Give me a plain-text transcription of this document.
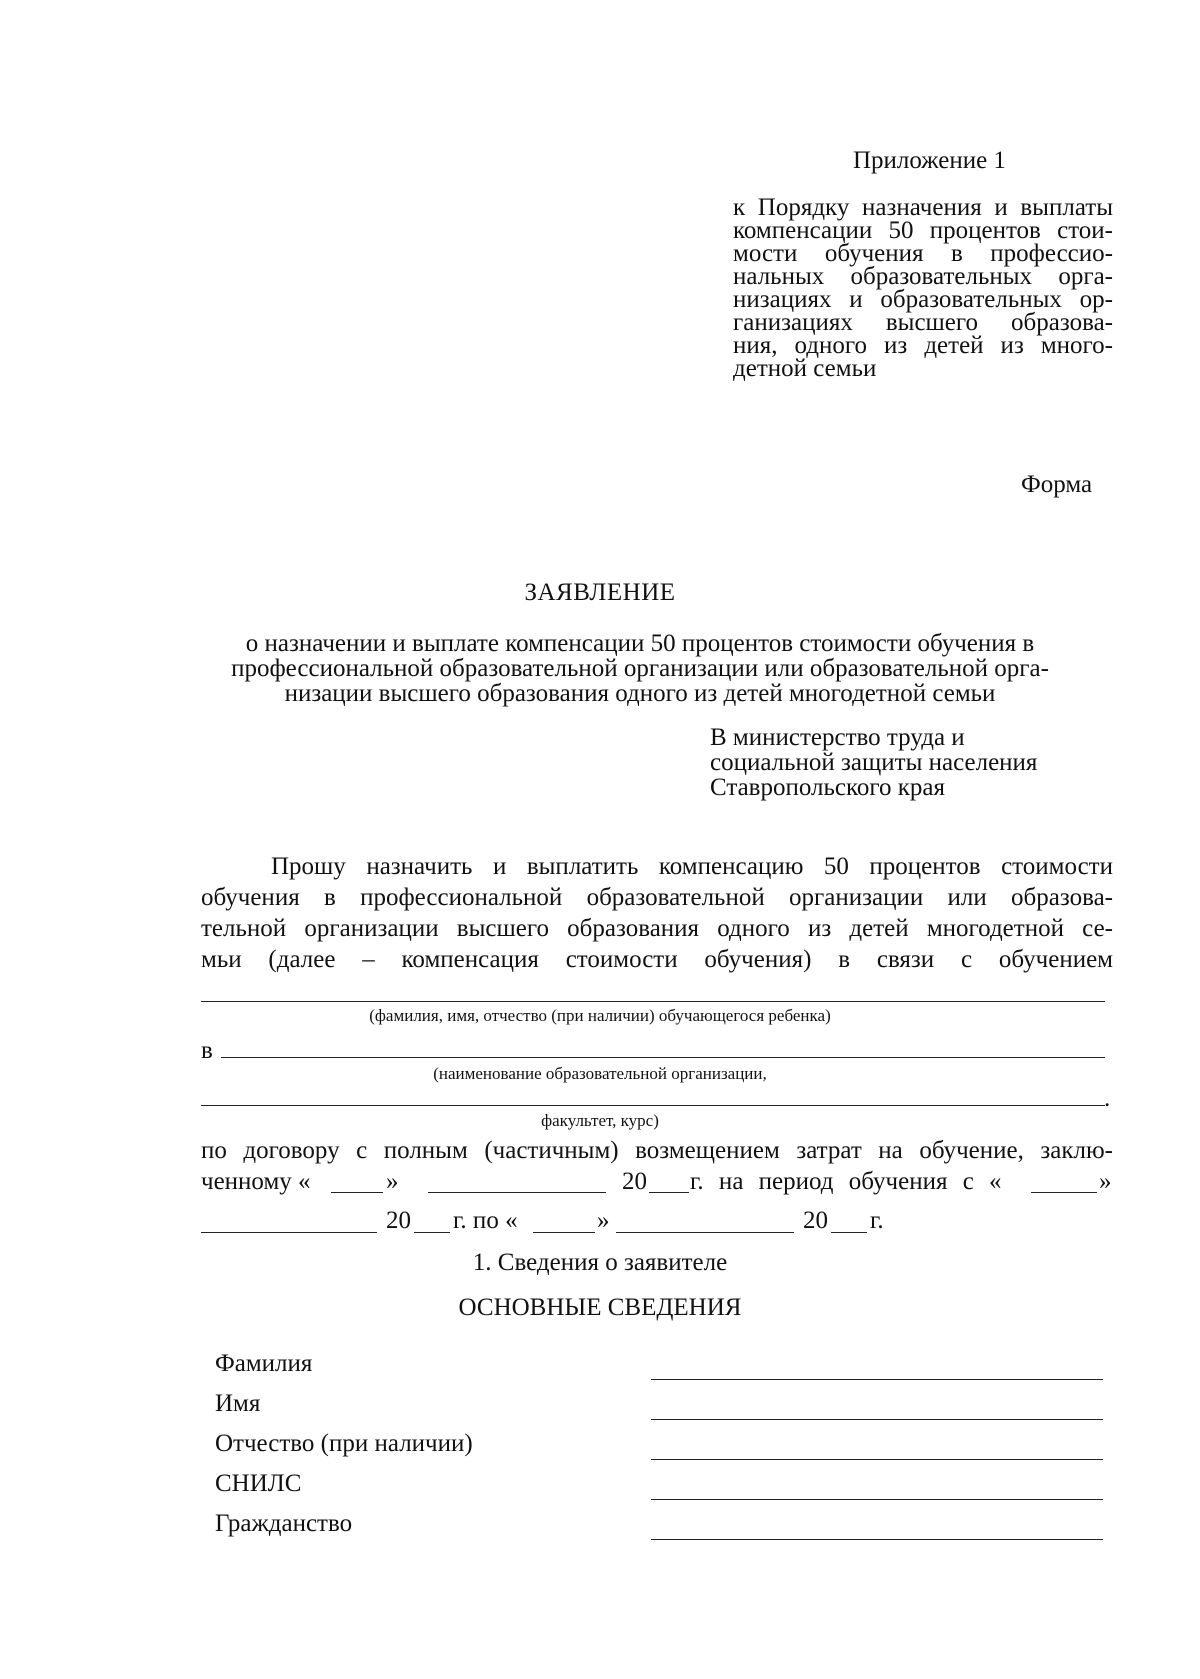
Приложение 1
к Порядку назначения и выплаты
компенсации 50 процентов стои-
мости обучения в профессио-
нальных образовательных орга-
низациях и образовательных ор-
ганизациях высшего образова-
ния, одного из детей из много-
детной семьи
Форма
ЗАЯВЛЕНИЕ
о назначении и выплате компенсации 50 процентов стоимости обучения в
профессиональной образовательной организации или образовательной орга-
низации высшего образования одного из детей многодетной семьи
В министерство труда и
социальной защиты населения
Ставропольского края
Прошу назначить и выплатить компенсацию 50 процентов стоимости
обучения в профессиональной образовательной организации или образова-
тельной организации высшего образования одного из детей многодетной се-
мьи (далее – компенсация стоимости обучения) в связи с обучением
(фамилия, имя, отчество (при наличии) обучающегося ребенка)
в
(наименование образовательной организации,
.
факультет, курс)
по договору с полным (частичным) возмещением затрат на обучение, заклю-
ченному «	»	20 г. на период обучения с «	»
20 г. по «	»	20 г.
1. Сведения о заявителе
ОСНОВНЫЕ СВЕДЕНИЯ
Фамилия
Имя
Отчество (при наличии)
СНИЛС
Гражданство
